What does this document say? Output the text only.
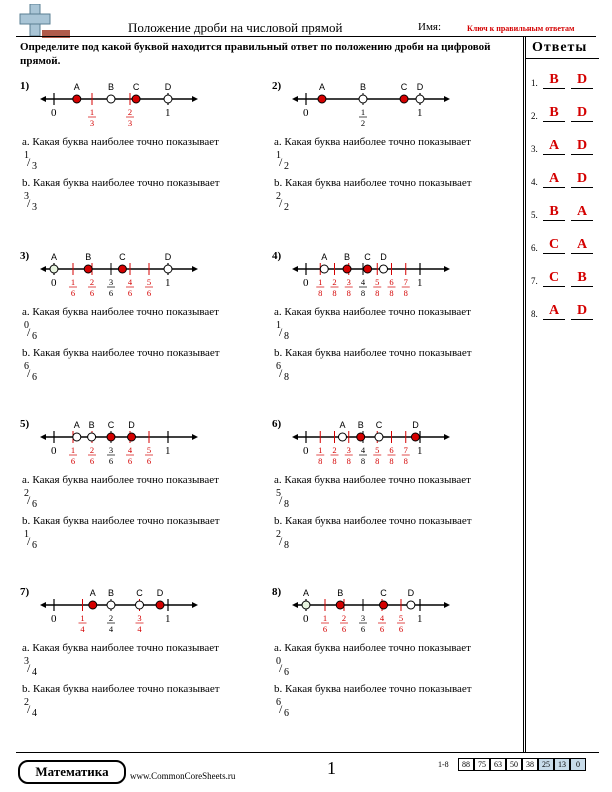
Положение дроби на числовой прямой	Имя:	Ключ к правильным ответам
Определите под какой буквой находится правильный ответ по положению дроби на цифровой прямой.
Ответы
1. B	D
2. B	D
3. A	D
4. A	D
5. B	A
6. C	A
7. C	B
8. A	D
1)
0	1
1
3
2
3
A	B C	D
a. Какая буква наиболее точно показывает
1
/ 3
b. Какая буква наиболее точно показывает
3
/ 3
2)
0	1
1
2
A	B	C D
a. Какая буква наиболее точно показывает
1
/ 2
b. Какая буква наиболее точно показывает
2
/ 2
3)
0	1
1
6
2
6
3
6
4
6
5
6
A	B	C	D
a. Какая буква наиболее точно показывает
0
/ 6
b. Какая буква наиболее точно показывает
6
/ 6
4)
0	1
1
8
2
8
3
8
4
8
5
8
6
8
7
8
A B C D
a. Какая буква наиболее точно показывает
1
/ 8
b. Какая буква наиболее точно показывает
6
/ 8
5)
0	1
1
6
2
6
3
6
4
6
5
6
A B C D
a. Какая буква наиболее точно показывает
2
/ 6
b. Какая буква наиболее точно показывает
1
/ 6
6)
0	1
1
8
2
8
3
8
4
8
5
8
6
8
7
8
A B C	D
a. Какая буква наиболее точно показывает
5
/ 8
b. Какая буква наиболее точно показывает
2
/ 8
7)
0	1
1
4
2
4
3
4
A B C D
a. Какая буква наиболее точно показывает
3
/ 4
b. Какая буква наиболее точно показывает
2
/ 4
8)
0	1
1
6
2
6
3
6
4
6
5
6
A	B	C D
a. Какая буква наиболее точно показывает
0
/ 6
b. Какая буква наиболее точно показывает
6
/ 6
Математика	www.CommonCoreSheets.ru	1	1-8	88	75	63	50	38	25	13	0
